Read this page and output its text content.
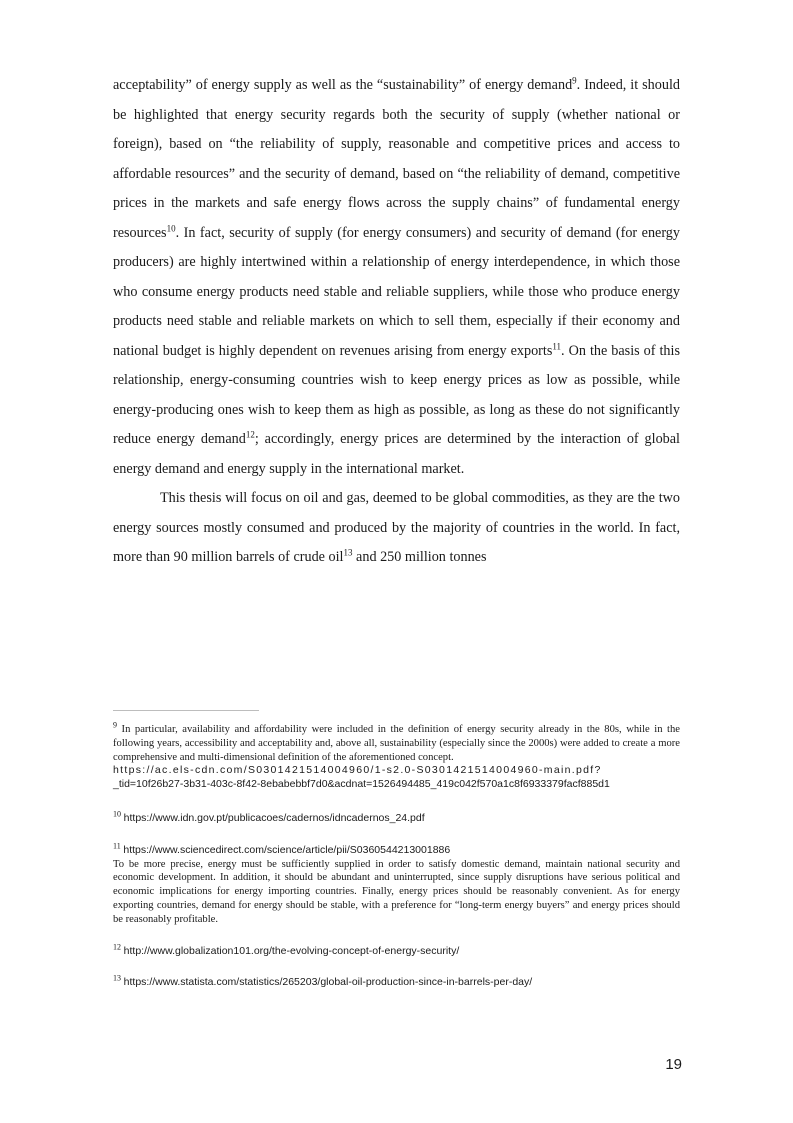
acceptability” of energy supply as well as the “sustainability” of energy demand$^9$. Indeed, it should be highlighted that energy security regards both the security of supply (whether national or foreign), based on “the reliability of supply, reasonable and competitive prices and access to affordable resources” and the security of demand, based on “the reliability of demand, competitive prices in the markets and safe energy flows across the supply chains” of fundamental energy resources$^{10}$. In fact, security of supply (for energy consumers) and security of demand (for energy producers) are highly intertwined within a relationship of energy interdependence, in which those who consume energy products need stable and reliable suppliers, while those who produce energy products need stable and reliable markets on which to sell them, especially if their economy and national budget is highly dependent on revenues arising from energy exports$^{11}$. On the basis of this relationship, energy-consuming countries wish to keep energy prices as low as possible, while energy-producing ones wish to keep them as high as possible, as long as these do not significantly reduce energy demand$^{12}$; accordingly, energy prices are determined by the interaction of global energy demand and energy supply in the international market.

This thesis will focus on oil and gas, deemed to be global commodities, as they are the two energy sources mostly consumed and produced by the majority of countries in the world. In fact, more than 90 million barrels of crude oil$^{13}$ and 250 million tonnes

$^9$ In particular, availability and affordability were included in the definition of energy security already in the 80s, while in the following years, accessibility and acceptability and, above all, sustainability (especially since the 2000s) were added to create a more comprehensive and multi-dimensional definition of the aforementioned concept.
https://ac.els-cdn.com/S0301421514004960/1-s2.0-S0301421514004960-main.pdf?
_tid=10f26b27-3b31-403c-8f42-8ebabebbf7d0&acdnat=1526494485_419c042f570a1c8f6933379facf885d1
$^{10}$ https://www.idn.gov.pt/publicacoes/cadernos/idncadernos_24.pdf
$^{11}$ https://www.sciencedirect.com/science/article/pii/S0360544213001886
To be more precise, energy must be sufficiently supplied in order to satisfy domestic demand, maintain national security and economic development. In addition, it should be abundant and uninterrupted, since supply disruptions have serious political and economic implications for energy importing countries. Finally, energy prices should be reasonably convenient. As for energy exporting countries, demand for energy should be stable, with a preference for “long-term energy buyers” and energy prices should be reasonably profitable.
$^{12}$ http://www.globalization101.org/the-evolving-concept-of-energy-security/
$^{13}$ https://www.statista.com/statistics/265203/global-oil-production-since-in-barrels-per-day/
19
